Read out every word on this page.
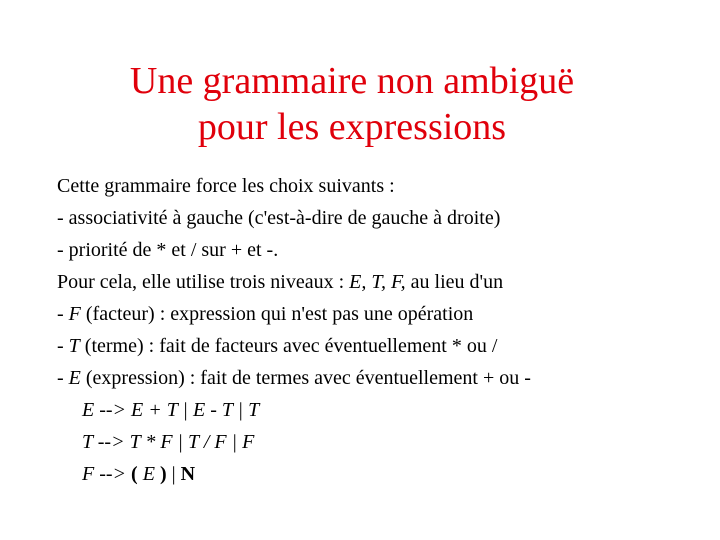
Une grammaire non ambiguë
pour les expressions
Cette grammaire force les choix suivants :
- associativité à gauche (c'est-à-dire de gauche à droite)
- priorité de * et / sur + et -.
Pour cela, elle utilise trois niveaux : E, T, F, au lieu d'un
- F (facteur) : expression qui n'est pas une opération
- T (terme) : fait de facteurs avec éventuellement * ou /
- E (expression) : fait de termes avec éventuellement + ou -
E --> E + T | E - T | T
T --> T * F | T / F | F
F --> ( E ) | N
